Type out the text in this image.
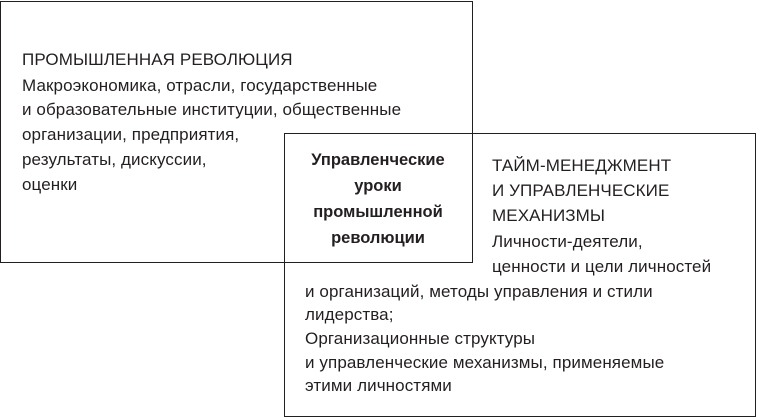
ПРОМЫШЛЕННАЯ РЕВОЛЮЦИЯ
Макроэкономика, отрасли, государственные
и образовательные институции, общественные
организации, предприятия,
результаты, дискуссии,
оценки
Управленческие
уроки
промышленной
революции
ТАЙМ-МЕНЕДЖМЕНТ
И УПРАВЛЕНЧЕСКИЕ
МЕХАНИЗМЫ
Личности-деятели,
ценности и цели личностей
и организаций, методы управления и стили
лидерства;
Организационные структуры
и управленческие механизмы, применяемые
этими личностями
